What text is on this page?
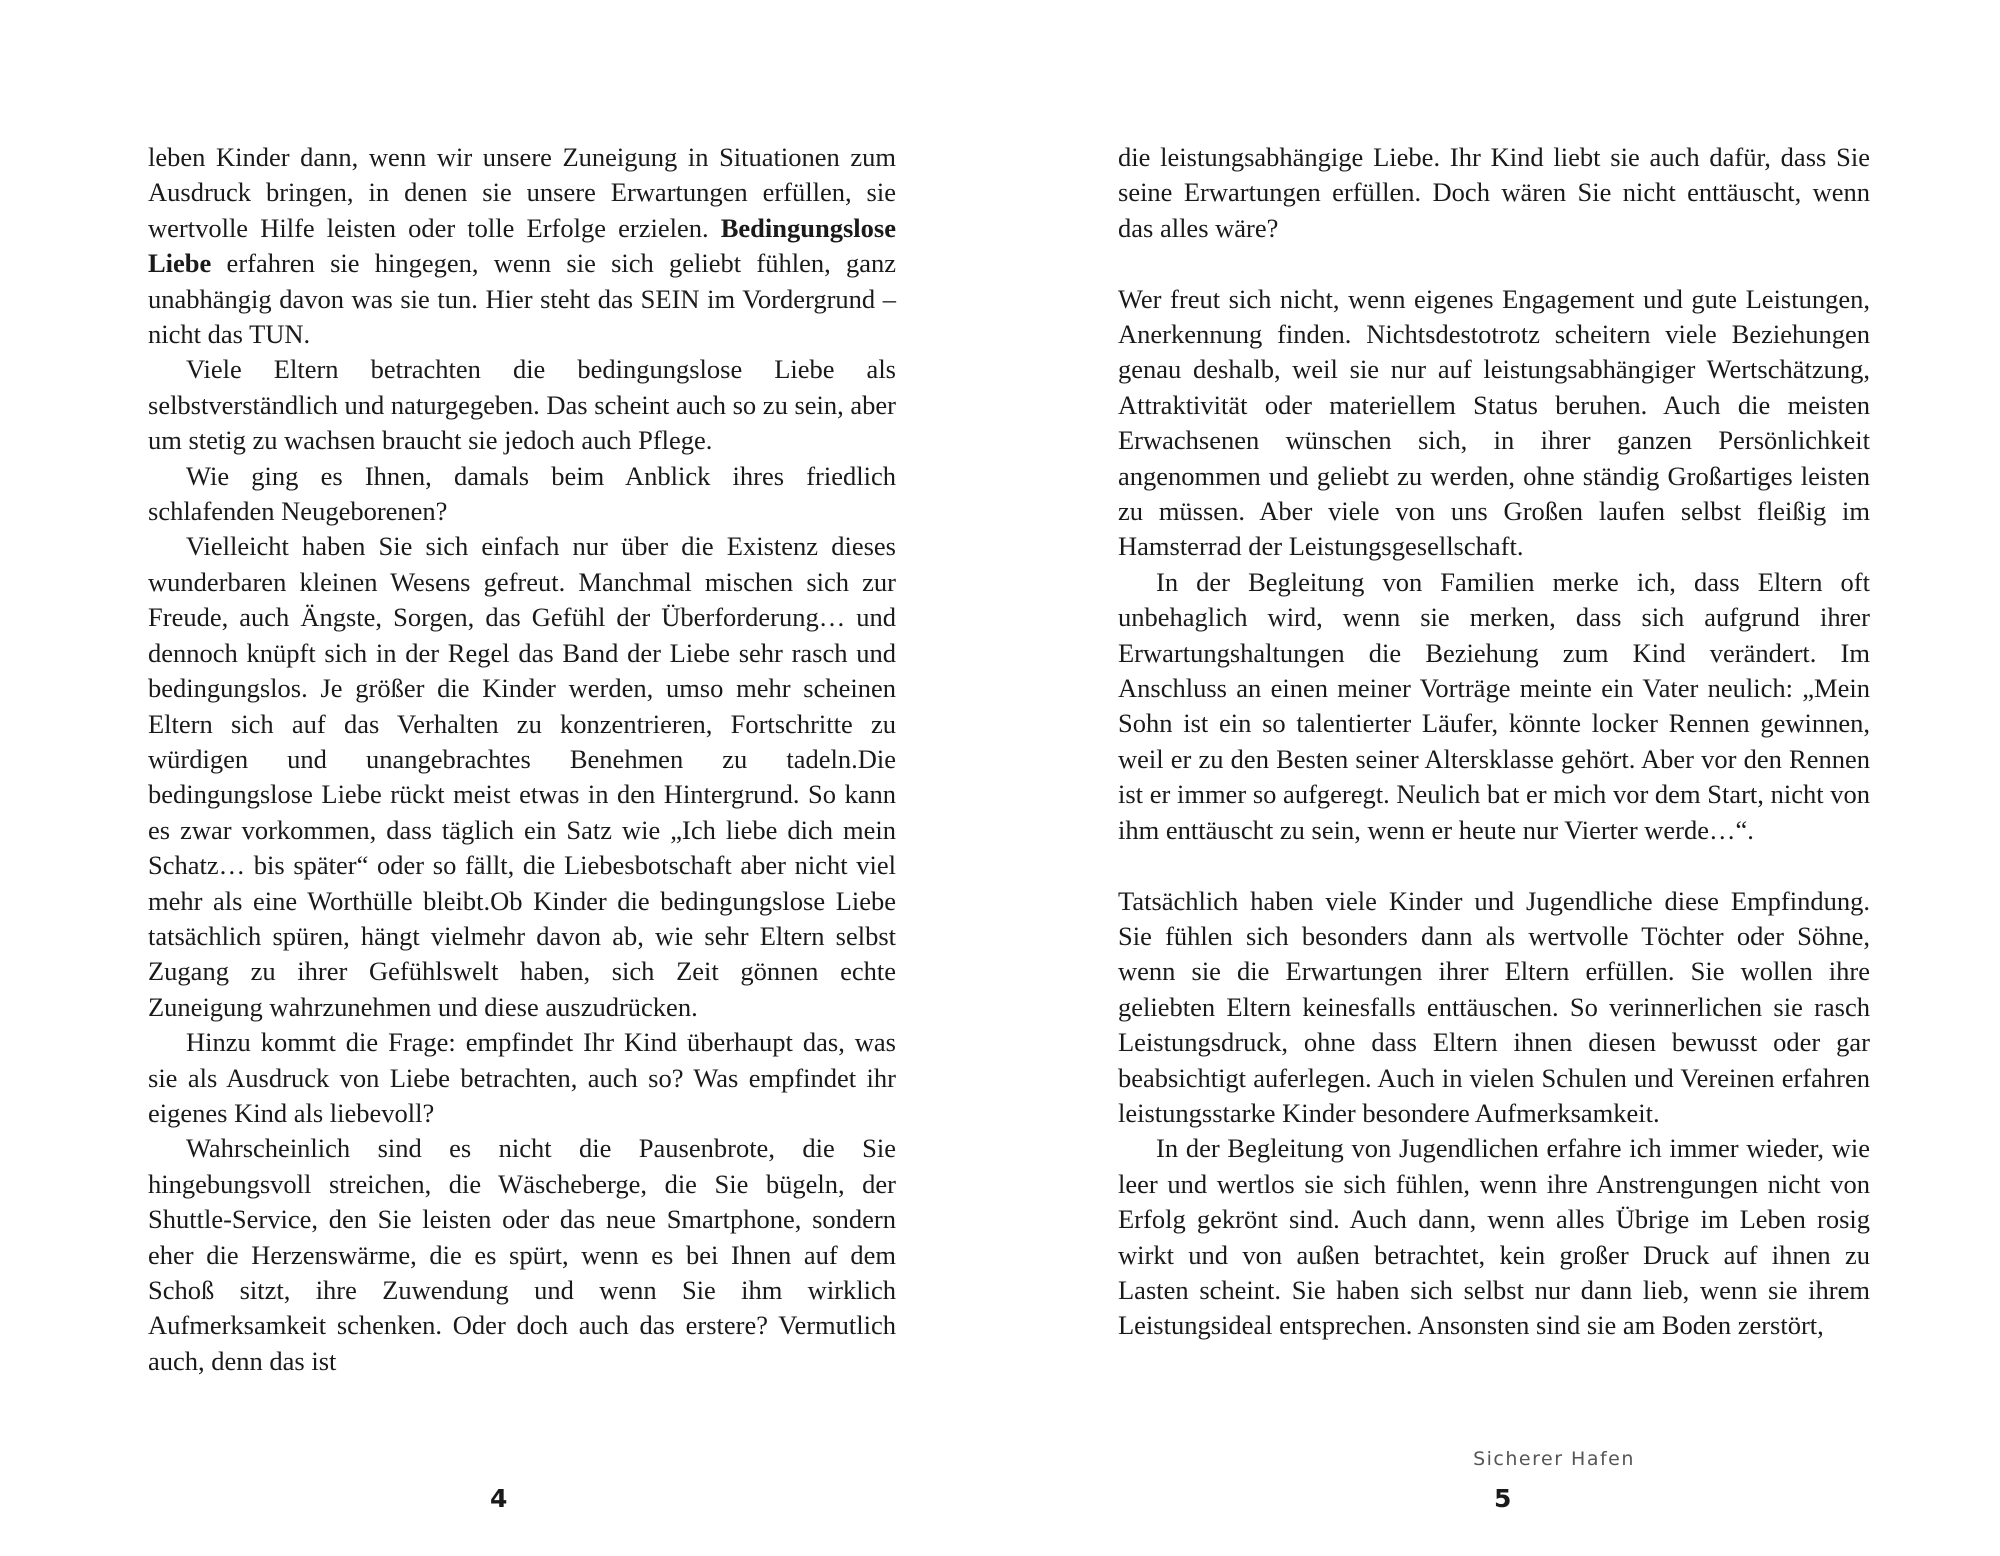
leben Kinder dann, wenn wir unsere Zuneigung in Situationen zum Ausdruck bringen, in denen sie unsere Erwartungen erfüllen, sie wertvolle Hilfe leisten oder tolle Erfolge erzielen. Bedingungslose Liebe erfahren sie hingegen, wenn sie sich geliebt fühlen, ganz unabhängig davon was sie tun. Hier steht das SEIN im Vordergrund – nicht das TUN.

Viele Eltern betrachten die bedingungslose Liebe als selbstverständlich und naturgegeben. Das scheint auch so zu sein, aber um stetig zu wachsen braucht sie jedoch auch Pflege.

Wie ging es Ihnen, damals beim Anblick ihres friedlich schlafenden Neugeborenen?

Vielleicht haben Sie sich einfach nur über die Existenz dieses wunderbaren kleinen Wesens gefreut. Manchmal mischen sich zur Freude, auch Ängste, Sorgen, das Gefühl der Überforderung… und dennoch knüpft sich in der Regel das Band der Liebe sehr rasch und bedingungslos. Je größer die Kinder werden, umso mehr scheinen Eltern sich auf das Verhalten zu konzentrieren, Fortschritte zu würdigen und unangebrachtes Benehmen zu tadeln.Die bedingungslose Liebe rückt meist etwas in den Hintergrund. So kann es zwar vorkommen, dass täglich ein Satz wie „Ich liebe dich mein Schatz… bis später“ oder so fällt, die Liebesbotschaft aber nicht viel mehr als eine Worthülle bleibt.Ob Kinder die bedingungslose Liebe tatsächlich spüren, hängt vielmehr davon ab, wie sehr Eltern selbst Zugang zu ihrer Gefühlswelt haben, sich Zeit gönnen echte Zuneigung wahrzunehmen und diese auszudrücken.

Hinzu kommt die Frage: empfindet Ihr Kind überhaupt das, was sie als Ausdruck von Liebe betrachten, auch so? Was empfindet ihr eigenes Kind als liebevoll?

Wahrscheinlich sind es nicht die Pausenbrote, die Sie hingebungsvoll streichen, die Wäscheberge, die Sie bügeln, der Shuttle-Service, den Sie leisten oder das neue Smartphone, sondern eher die Herzenswärme, die es spürt, wenn es bei Ihnen auf dem Schoß sitzt, ihre Zuwendung und wenn Sie ihm wirklich Aufmerksamkeit schenken. Oder doch auch das erstere? Vermutlich auch, denn das ist

4

die leistungsabhängige Liebe. Ihr Kind liebt sie auch dafür, dass Sie seine Erwartungen erfüllen. Doch wären Sie nicht enttäuscht, wenn das alles wäre?

Wer freut sich nicht, wenn eigenes Engagement und gute Leistungen, Anerkennung finden. Nichtsdestotrotz scheitern viele Beziehungen genau deshalb, weil sie nur auf leistungsabhängiger Wertschätzung, Attraktivität oder materiellem Status beruhen. Auch die meisten Erwachsenen wünschen sich, in ihrer ganzen Persönlichkeit angenommen und geliebt zu werden, ohne ständig Großartiges leisten zu müssen. Aber viele von uns Großen laufen selbst fleißig im Hamsterrad der Leistungsgesellschaft.

In der Begleitung von Familien merke ich, dass Eltern oft unbehaglich wird, wenn sie merken, dass sich aufgrund ihrer Erwartungshaltungen die Beziehung zum Kind verändert. Im Anschluss an einen meiner Vorträge meinte ein Vater neulich: „Mein Sohn ist ein so talentierter Läufer, könnte locker Rennen gewinnen, weil er zu den Besten seiner Altersklasse gehört. Aber vor den Rennen ist er immer so aufgeregt. Neulich bat er mich vor dem Start, nicht von ihm enttäuscht zu sein, wenn er heute nur Vierter werde…“.

Tatsächlich haben viele Kinder und Jugendliche diese Empfindung. Sie fühlen sich besonders dann als wertvolle Töchter oder Söhne, wenn sie die Erwartungen ihrer Eltern erfüllen. Sie wollen ihre geliebten Eltern keinesfalls enttäuschen. So verinnerlichen sie rasch Leistungsdruck, ohne dass Eltern ihnen diesen bewusst oder gar beabsichtigt auferlegen. Auch in vielen Schulen und Vereinen erfahren leistungsstarke Kinder besondere Aufmerksamkeit.

In der Begleitung von Jugendlichen erfahre ich immer wieder, wie leer und wertlos sie sich fühlen, wenn ihre Anstrengungen nicht von Erfolg gekrönt sind. Auch dann, wenn alles Übrige im Leben rosig wirkt und von außen betrachtet, kein großer Druck auf ihnen zu Lasten scheint. Sie haben sich selbst nur dann lieb, wenn sie ihrem Leistungsideal entsprechen. Ansonsten sind sie am Boden zerstört,

Sicherer Hafen
5
